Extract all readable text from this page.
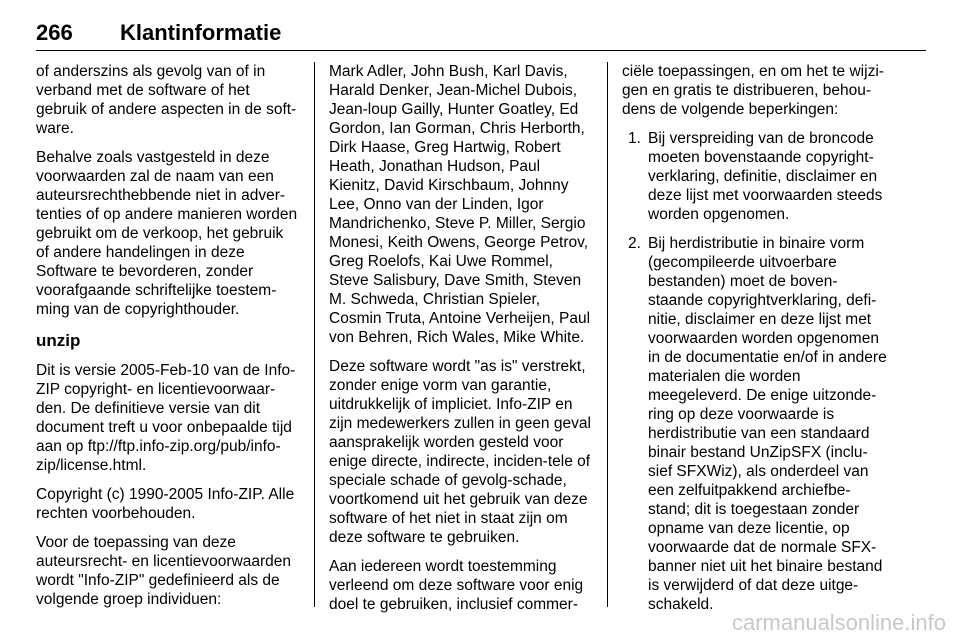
266 Klantinformatie

of anderszins als gevolg van of in verband met de software of het gebruik of andere aspecten in de soft-ware.

Behalve zoals vastgesteld in deze voorwaarden zal de naam van een auteursrechthebbende niet in adver-tenties of op andere manieren worden gebruikt om de verkoop, het gebruik of andere handelingen in deze Software te bevorderen, zonder voorafgaande schriftelijke toestem-ming van de copyrighthouder.

unzip

Dit is versie 2005-Feb-10 van de Info-ZIP copyright- en licentievoorwaar-den. De definitieve versie van dit document treft u voor onbepaalde tijd aan op ftp://ftp.info-zip.org/pub/info-zip/license.html.

Copyright (c) 1990-2005 Info-ZIP. Alle rechten voorbehouden.

Voor de toepassing van deze auteursrecht- en licentievoorwaarden wordt "Info-ZIP" gedefinieerd als de volgende groep individuen:

Mark Adler, John Bush, Karl Davis, Harald Denker, Jean-Michel Dubois, Jean-loup Gailly, Hunter Goatley, Ed Gordon, Ian Gorman, Chris Herborth, Dirk Haase, Greg Hartwig, Robert Heath, Jonathan Hudson, Paul Kienitz, David Kirschbaum, Johnny Lee, Onno van der Linden, Igor Mandrichenko, Steve P. Miller, Sergio Monesi, Keith Owens, George Petrov, Greg Roelofs, Kai Uwe Rommel, Steve Salisbury, Dave Smith, Steven M. Schweda, Christian Spieler, Cosmin Truta, Antoine Verheijen, Paul von Behren, Rich Wales, Mike White.

Deze software wordt "as is" verstrekt, zonder enige vorm van garantie, uitdrukkelijk of impliciet. Info-ZIP en zijn medewerkers zullen in geen geval aansprakelijk worden gesteld voor enige directe, indirecte, inciden-tele of speciale schade of gevolg-schade, voortkomend uit het gebruik van deze software of het niet in staat zijn om deze software te gebruiken.

Aan iedereen wordt toestemming verleend om deze software voor enig doel te gebruiken, inclusief commer-

ciële toepassingen, en om het te wijzi-gen en gratis te distribueren, behou-dens de volgende beperkingen:

1. Bij verspreiding van de broncode moeten bovenstaande copyright-verklaring, definitie, disclaimer en deze lijst met voorwaarden steeds worden opgenomen.
2. Bij herdistributie in binaire vorm (gecompileerde uitvoerbare bestanden) moet de boven-staande copyrightverklaring, defi-nitie, disclaimer en deze lijst met voorwaarden worden opgenomen in de documentatie en/of in andere materialen die worden meegeleverd. De enige uitzonde-ring op deze voorwaarde is herdistributie van een standaard binair bestand UnZipSFX (inclu-sief SFXWiz), als onderdeel van een zelfuitpakkend archiefbe-stand; dit is toegestaan zonder opname van deze licentie, op voorwaarde dat de normale SFX-banner niet uit het binaire bestand is verwijderd of dat deze uitge-schakeld.
carmanualsonline.info
